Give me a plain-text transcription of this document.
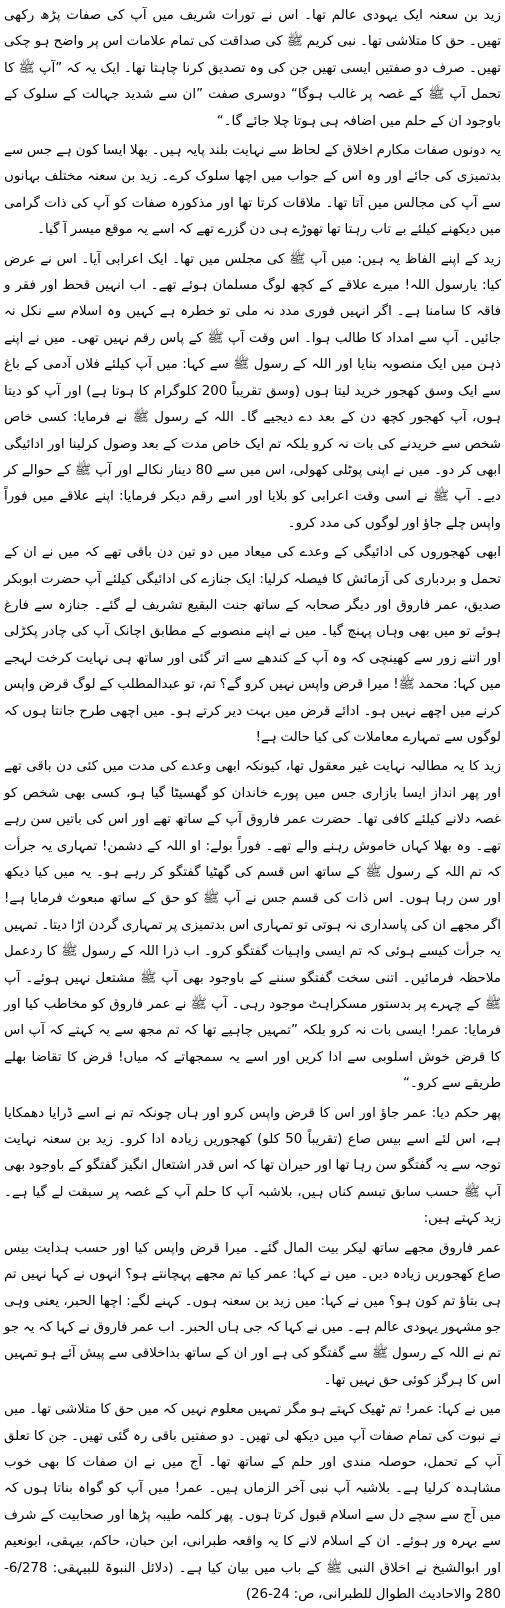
زید بن سعنہ ایک یہودی عالم تھا۔ اس نے تورات شریف میں آپ کی صفات پڑھ رکھی تھیں۔ حق کا متلاشی تھا۔ نبی کریم ﷺ کی صداقت کی تمام علامات اس پر واضح ہو چکی تھیں۔ صرف دو صفتیں ایسی تھیں جن کی وہ تصدیق کرنا چاہتا تھا۔ ایک یہ کہ ”آپ ﷺ کا تحمل آپ ﷺ کے غصہ پر غالب ہوگا“ دوسری صفت ”ان سے شدید جہالت کے سلوک کے باوجود ان کے حلم میں اضافہ ہی ہوتا چلا جائے گا۔“

یہ دونوں صفات مکارم اخلاق کے لحاظ سے نہایت بلند پایہ ہیں۔ بھلا ایسا کون ہے جس سے بدتمیزی کی جائے اور وہ اس کے جواب میں اچھا سلوک کرے۔ زید بن سعنہ مختلف بہانوں سے آپ کی مجالس میں آتا تھا۔ ملاقات کرتا تھا اور مذکورہ صفات کو آپ کی ذات گرامی میں دیکھنے کیلئے بے تاب رہتا تھا تھوڑے ہی دن گزرے تھے کہ اسے یہ موقع میسر آ گیا۔

زید کے اپنے الفاظ یہ ہیں: میں آپ ﷺ کی مجلس میں تھا۔ ایک اعرابی آیا۔ اس نے عرض کیا: یارسول اللہ! میرے علاقے کے کچھ لوگ مسلمان ہوئے تھے۔ اب انہیں قحط اور فقر و فاقہ کا سامنا ہے۔ اگر انہیں فوری مدد نہ ملی تو خطرہ ہے کہیں وہ اسلام سے نکل نہ جائیں۔ آپ سے امداد کا طالب ہوا۔ اس وقت آپ ﷺ کے پاس رقم نہیں تھی۔ میں نے اپنے ذہن میں ایک منصوبہ بنایا اور اللہ کے رسول ﷺ سے کہا: میں آپ کیلئے فلاں آدمی کے باغ سے ایک وسق کھجور خرید لیتا ہوں (وسق تقریباً 200 کلوگرام کا ہوتا ہے) اور آپ کو دیتا ہوں، آپ کھجور کچھ دن کے بعد دے دیجیے گا۔ اللہ کے رسول ﷺ نے فرمایا: کسی خاص شخص سے خریدنے کی بات نہ کرو بلکہ تم ایک خاص مدت کے بعد وصول کرلینا اور ادائیگی ابھی کر دو۔ میں نے اپنی پوٹلی کھولی، اس میں سے 80 دینار نکالے اور آپ ﷺ کے حوالے کر دیے۔ آپ ﷺ نے اسی وقت اعرابی کو بلایا اور اسے رقم دیکر فرمایا: اپنے علاقے میں فوراً واپس چلے جاؤ اور لوگوں کی مدد کرو۔

ابھی کھجوروں کی ادائیگی کے وعدے کی میعاد میں دو تین دن باقی تھے کہ میں نے ان کے تحمل و بردباری کی آزمائش کا فیصلہ کرلیا: ایک جنازے کی ادائیگی کیلئے آپ حضرت ابوبکر صدیق، عمر فاروق اور دیگر صحابہ کے ساتھ جنت البقیع تشریف لے گئے۔ جنازہ سے فارغ ہوئے تو میں بھی وہاں پہنچ گیا۔ میں نے اپنے منصوبے کے مطابق اچانک آپ کی چادر پکڑلی اور اتنے زور سے کھینچی کہ وہ آپ کے کندھے سے اتر گئی اور ساتھ ہی نہایت کرخت لہجے میں کہا: محمد ﷺ! میرا قرض واپس نہیں کرو گے؟ تم، تو عبدالمطلب کے لوگ قرض واپس کرنے میں اچھے نہیں ہو۔ ادائے قرض میں بہت دیر کرتے ہو۔ میں اچھی طرح جانتا ہوں کہ لوگوں سے تمہارے معاملات کی کیا حالت ہے!

زید کا یہ مطالبہ نہایت غیر معقول تھا، کیونکہ ابھی وعدے کی مدت میں کئی دن باقی تھے اور پھر انداز ایسا بازاری جس میں پورے خاندان کو گھسیٹا گیا ہو، کسی بھی شخص کو غصہ دلانے کیلئے کافی تھا۔ حضرت عمر فاروق آپ کے ساتھ تھے اور اس کی باتیں سن رہے تھے۔ وہ بھلا کہاں خاموش رہنے والے تھے۔ فوراً بولے: او اللہ کے دشمن! تمہاری یہ جرأت کہ تم اللہ کے رسول ﷺ کے ساتھ اس قسم کی گھٹیا گفتگو کر رہے ہو۔ یہ میں کیا دیکھ اور سن رہا ہوں۔ اس ذات کی قسم جس نے آپ ﷺ کو حق کے ساتھ مبعوث فرمایا ہے! اگر مجھے ان کی پاسداری نہ ہوتی تو تمہاری اس بدتمیزی پر تمہاری گردن اڑا دیتا۔ تمہیں یہ جرأت کیسے ہوئی کہ تم ایسی واہیات گفتگو کرو۔ اب ذرا اللہ کے رسول ﷺ کا ردعمل ملاحظہ فرمائیں۔ اتنی سخت گفتگو سننے کے باوجود بھی آپ ﷺ مشتعل نہیں ہوئے۔ آپ ﷺ کے چہرے پر بدستور مسکراہٹ موجود رہی۔ آپ ﷺ نے عمر فاروق کو مخاطب کیا اور فرمایا: عمر! ایسی بات نہ کرو بلکہ ”تمہیں چاہیے تھا کہ تم مجھ سے یہ کہتے کہ آپ اس کا قرض خوش اسلوبی سے ادا کریں اور اسے یہ سمجھاتے کہ میاں! قرض کا تقاضا بھلے طریقے سے کرو۔“

پھر حکم دیا: عمر جاؤ اور اس کا قرض واپس کرو اور ہاں چونکہ تم نے اسے ڈرایا دھمکایا ہے، اس لئے اسے بیس صاع (تقریباً 50 کلو) کھجوریں زیادہ ادا کرو۔ زید بن سعنہ نہایت توجہ سے یہ گفتگو سن رہا تھا اور حیران تھا کہ اس قدر اشتعال انگیز گفتگو کے باوجود بھی آپ ﷺ حسب سابق تبسم کناں ہیں، بلاشبہ آپ کا حلم آپ کے غصہ پر سبقت لے گیا ہے۔ زید کہتے ہیں:

عمر فاروق مجھے ساتھ لیکر بیت المال گئے۔ میرا قرض واپس کیا اور حسب ہدایت بیس صاع کھجوریں زیادہ دیں۔ میں نے کہا: عمر کیا تم مجھے پہچانتے ہو؟ انہوں نے کہا نہیں تم ہی بتاؤ تم کون ہو؟ میں نے کہا: میں زید بن سعنہ ہوں۔ کہنے لگے: اچھا الحبر، یعنی وہی جو مشہور یہودی عالم ہے۔ میں نے کہا کہ جی ہاں الحبر۔ اب عمر فاروق نے کہا کہ یہ جو تم نے اللہ کے رسول ﷺ سے گفتگو کی ہے اور ان کے ساتھ بداخلاقی سے پیش آئے ہو تمہیں اس کا ہرگز کوئی حق نہیں تھا۔

میں نے کہا: عمر! تم ٹھیک کہتے ہو مگر تمہیں معلوم نہیں کہ میں حق کا متلاشی تھا۔ میں نے نبوت کی تمام صفات آپ میں دیکھ لی تھیں۔ دو صفتیں باقی رہ گئی تھیں۔ جن کا تعلق آپ کے تحمل، حوصلہ مندی اور حلم کے ساتھ تھا۔ آج میں نے ان صفات کا بھی خوب مشاہدہ کرلیا ہے۔ بلاشبہ آپ نبی آخر الزماں ہیں۔ عمر! میں آپ کو گواہ بناتا ہوں کہ میں آج سے سچے دل سے اسلام قبول کرتا ہوں۔ پھر کلمہ طیبہ پڑھا اور صحابیت کے شرف سے بہرہ ور ہوئے۔ ان کے اسلام لانے کا یہ واقعہ طبرانی، ابن حبان، حاکم، بیہقی، ابونعیم اور ابوالشیخ نے اخلاق النبی ﷺ کے باب میں بیان کیا ہے۔ (دلائل النبوۃ للبیہقی: 6/278-280 والاحادیث الطوال للطبرانی، ص: 24-26)
